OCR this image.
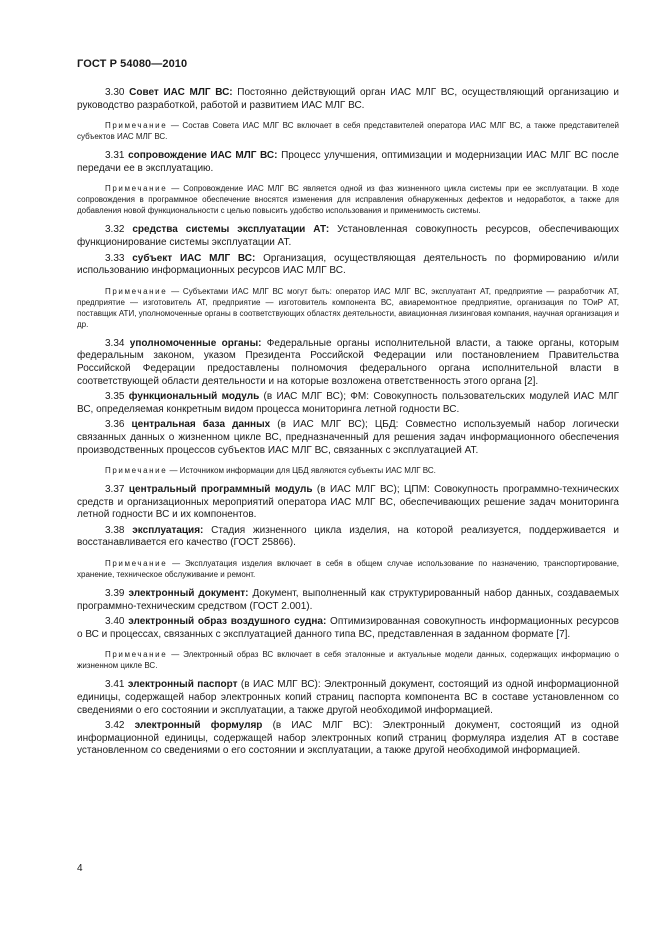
ГОСТ Р 54080—2010

3.30 Совет ИАС МЛГ ВС: Постоянно действующий орган ИАС МЛГ ВС, осуществляющий организацию и руководство разработкой, работой и развитием ИАС МЛГ ВС.

Примечание — Состав Совета ИАС МЛГ ВС включает в себя представителей оператора ИАС МЛГ ВС, а также представителей субъектов ИАС МЛГ ВС.

3.31 сопровождение ИАС МЛГ ВС: Процесс улучшения, оптимизации и модернизации ИАС МЛГ ВС после передачи ее в эксплуатацию.

Примечание — Сопровождение ИАС МЛГ ВС является одной из фаз жизненного цикла системы при ее эксплуатации. В ходе сопровождения в программное обеспечение вносятся изменения для исправления обнаруженных дефектов и недоработок, а также для добавления новой функциональности с целью повысить удобство использования и применимость системы.

3.32 средства системы эксплуатации АТ: Установленная совокупность ресурсов, обеспечивающих функционирование системы эксплуатации АТ.

3.33 субъект ИАС МЛГ ВС: Организация, осуществляющая деятельность по формированию и/или использованию информационных ресурсов ИАС МЛГ ВС.

Примечание — Субъектами ИАС МЛГ ВС могут быть: оператор ИАС МЛГ ВС, эксплуатант АТ, предприятие — разработчик АТ, предприятие — изготовитель АТ, предприятие — изготовитель компонента ВС, авиаремонтное предприятие, организация по ТОиР АТ, поставщик АТИ, уполномоченные органы в соответствующих областях деятельности, авиационная лизинговая компания, научная организация и др.

3.34 уполномоченные органы: Федеральные органы исполнительной власти, а также органы, которым федеральным законом, указом Президента Российской Федерации или постановлением Правительства Российской Федерации предоставлены полномочия федерального органа исполнительной власти в соответствующей области деятельности и на которые возложена ответственность этого органа [2].

3.35 функциональный модуль (в ИАС МЛГ ВС); ФМ: Совокупность пользовательских модулей ИАС МЛГ ВС, определяемая конкретным видом процесса мониторинга летной годности ВС.

3.36 центральная база данных (в ИАС МЛГ ВС); ЦБД: Совместно используемый набор логически связанных данных о жизненном цикле ВС, предназначенный для решения задач информационного обеспечения производственных процессов субъектов ИАС МЛГ ВС, связанных с эксплуатацией АТ.

Примечание — Источником информации для ЦБД являются субъекты ИАС МЛГ ВС.

3.37 центральный программный модуль (в ИАС МЛГ ВС); ЦПМ: Совокупность программно-технических средств и организационных мероприятий оператора ИАС МЛГ ВС, обеспечивающих решение задач мониторинга летной годности ВС и их компонентов.

3.38 эксплуатация: Стадия жизненного цикла изделия, на которой реализуется, поддерживается и восстанавливается его качество (ГОСТ 25866).

Примечание — Эксплуатация изделия включает в себя в общем случае использование по назначению, транспортирование, хранение, техническое обслуживание и ремонт.

3.39 электронный документ: Документ, выполненный как структурированный набор данных, создаваемых программно-техническим средством (ГОСТ 2.001).

3.40 электронный образ воздушного судна: Оптимизированная совокупность информационных ресурсов о ВС и процессах, связанных с эксплуатацией данного типа ВС, представленная в заданном формате [7].

Примечание — Электронный образ ВС включает в себя эталонные и актуальные модели данных, содержащих информацию о жизненном цикле ВС.

3.41 электронный паспорт (в ИАС МЛГ ВС): Электронный документ, состоящий из одной информационной единицы, содержащей набор электронных копий страниц паспорта компонента ВС в составе установленном со сведениями о его состоянии и эксплуатации, а также другой необходимой информацией.

3.42 электронный формуляр (в ИАС МЛГ ВС): Электронный документ, состоящий из одной информационной единицы, содержащей набор электронных копий страниц формуляра изделия АТ в составе установленном со сведениями о его состоянии и эксплуатации, а также другой необходимой информацией.

4
